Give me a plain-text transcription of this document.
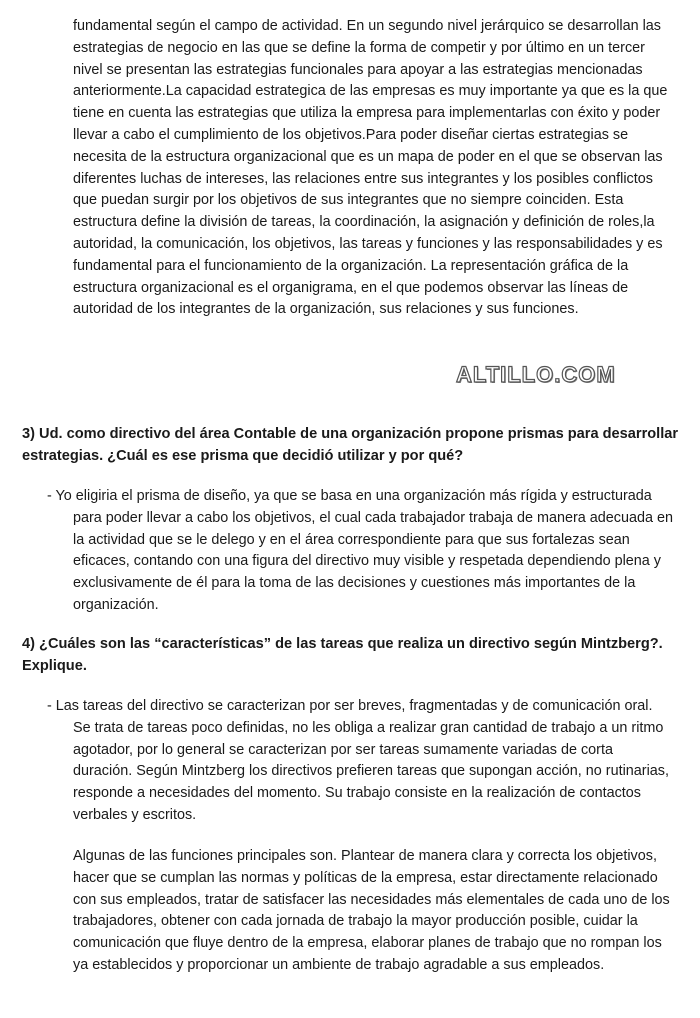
fundamental según el campo de actividad. En un segundo nivel jerárquico se desarrollan las estrategias de negocio en las que se define la forma de competir y por último en un tercer nivel se presentan las estrategias funcionales para apoyar a las estrategias mencionadas anteriormente.La capacidad estrategica de las empresas es muy importante ya que es la que tiene en cuenta las estrategias que utiliza la empresa para implementarlas con éxito y poder llevar a cabo el cumplimiento de los objetivos.Para poder diseñar ciertas estrategias se necesita de la estructura organizacional que es un mapa de poder en el que se observan las diferentes luchas de intereses, las relaciones entre sus integrantes y los posibles conflictos que puedan surgir por los objetivos de sus integrantes que no siempre coinciden. Esta estructura define la división de tareas, la coordinación, la asignación y definición de roles,la autoridad, la comunicación, los objetivos, las tareas y funciones y las responsabilidades y es fundamental para el funcionamiento de la organización. La representación gráfica de la estructura organizacional es el organigrama, en el que podemos observar las líneas de autoridad de los integrantes de la organización, sus relaciones y sus funciones.

ALTILLO.COM

3) Ud. como directivo del área Contable de una organización propone prismas para desarrollar estrategias. ¿Cuál es ese prisma que decidió utilizar y por qué?

- Yo eligiria el prisma de diseño, ya que se basa en una organización más rígida y estructurada para poder llevar a cabo los objetivos, el cual cada trabajador trabaja de manera adecuada en la actividad que se le delego y en el área correspondiente para que sus fortalezas sean eficaces, contando con una figura del directivo muy visible y respetada dependiendo plena y exclusivamente de él para la toma de las decisiones y cuestiones más importantes de la organización.

4) ¿Cuáles son las “características” de las tareas que realiza un directivo según Mintzberg?. Explique.

- Las tareas del directivo se caracterizan por ser breves, fragmentadas y de comunicación oral. Se trata de tareas poco definidas, no les obliga a realizar gran cantidad de trabajo a un ritmo agotador, por lo general se caracterizan por ser tareas sumamente variadas de corta duración. Según Mintzberg los directivos prefieren tareas que supongan acción, no rutinarias, responde a necesidades del momento. Su trabajo consiste en la realización de contactos verbales y escritos.

Algunas de las funciones principales son. Plantear de manera clara y correcta los objetivos, hacer que se cumplan las normas y políticas de la empresa, estar directamente relacionado con sus empleados, tratar de satisfacer las necesidades más elementales de cada uno de los trabajadores, obtener con cada jornada de trabajo la mayor producción posible, cuidar la comunicación que fluye dentro de la empresa, elaborar planes de trabajo que no rompan los ya establecidos y proporcionar un ambiente de trabajo agradable a sus empleados.
